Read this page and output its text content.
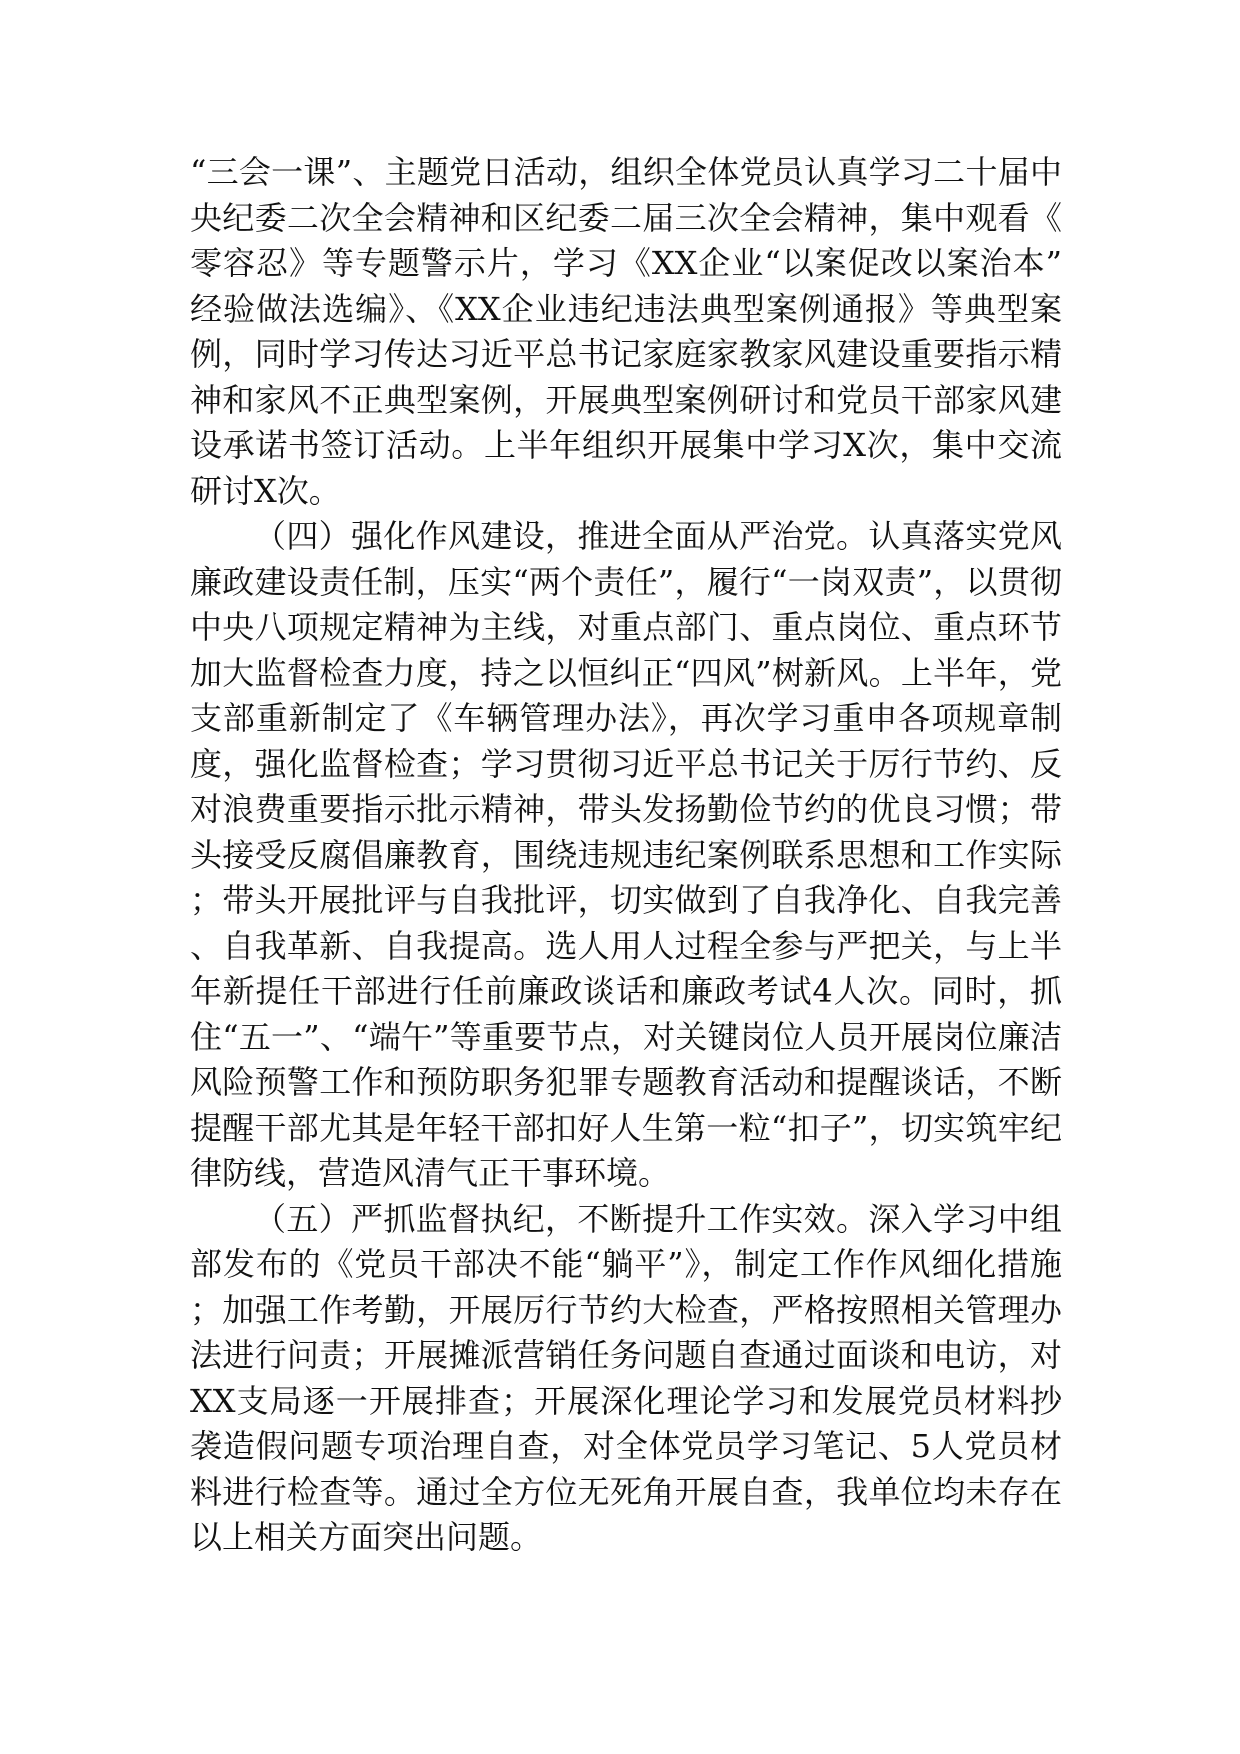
“三会一课”、主题党日活动，组织全体党员认真学习二十届中央纪委二次全会精神和区纪委二届三次全会精神，集中观看《零容忍》等专题警示片，学习《XX企业“以案促改以案治本”经验做法选编》、《XX企业违纪违法典型案例通报》等典型案例，同时学习传达习近平总书记家庭家教家风建设重要指示精神和家风不正典型案例，开展典型案例研讨和党员干部家风建设承诺书签订活动。上半年组织开展集中学习X次，集中交流研讨X次。

（四）强化作风建设，推进全面从严治党。认真落实党风廉政建设责任制，压实“两个责任”，履行“一岗双责”，以贯彻中央八项规定精神为主线，对重点部门、重点岗位、重点环节加大监督检查力度，持之以恒纠正“四风”树新风。上半年，党支部重新制定了《车辆管理办法》，再次学习重申各项规章制度，强化监督检查；学习贯彻习近平总书记关于厉行节约、反对浪费重要指示批示精神，带头发扬勤俭节约的优良习惯；带头接受反腐倡廉教育，围绕违规违纪案例联系思想和工作实际；带头开展批评与自我批评，切实做到了自我净化、自我完善、自我革新、自我提高。选人用人过程全参与严把关，与上半年新提任干部进行任前廉政谈话和廉政考试4人次。同时，抓住“五一”、“端午”等重要节点，对关键岗位人员开展岗位廉洁风险预警工作和预防职务犯罪专题教育活动和提醒谈话，不断提醒干部尤其是年轻干部扣好人生第一粒“扣子”，切实筑牢纪律防线，营造风清气正干事环境。

（五）严抓监督执纪，不断提升工作实效。深入学习中组部发布的《党员干部决不能“躺平”》，制定工作作风细化措施；加强工作考勤，开展厉行节约大检查，严格按照相关管理办法进行问责；开展摊派营销任务问题自查通过面谈和电访，对XX支局逐一开展排查；开展深化理论学习和发展党员材料抄袭造假问题专项治理自查，对全体党员学习笔记、5人党员材料进行检查等。通过全方位无死角开展自查，我单位均未存在以上相关方面突出问题。
